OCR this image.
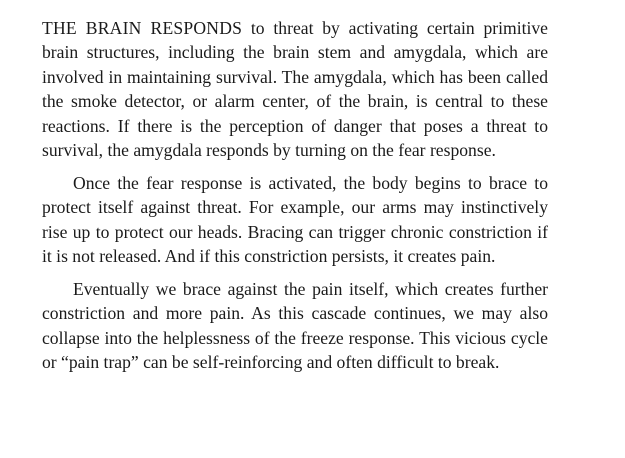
THE BRAIN RESPONDS to threat by activating certain primitive brain structures, including the brain stem and amygdala, which are involved in maintaining survival. The amygdala, which has been called the smoke detector, or alarm center, of the brain, is central to these reactions. If there is the perception of danger that poses a threat to survival, the amygdala responds by turning on the fear response.

Once the fear response is activated, the body begins to brace to protect itself against threat. For example, our arms may instinctively rise up to protect our heads. Bracing can trigger chronic constriction if it is not released. And if this constriction persists, it creates pain.

Eventually we brace against the pain itself, which creates further constriction and more pain. As this cascade continues, we may also collapse into the helplessness of the freeze response. This vicious cycle or “pain trap” can be self-reinforcing and often difficult to break.
